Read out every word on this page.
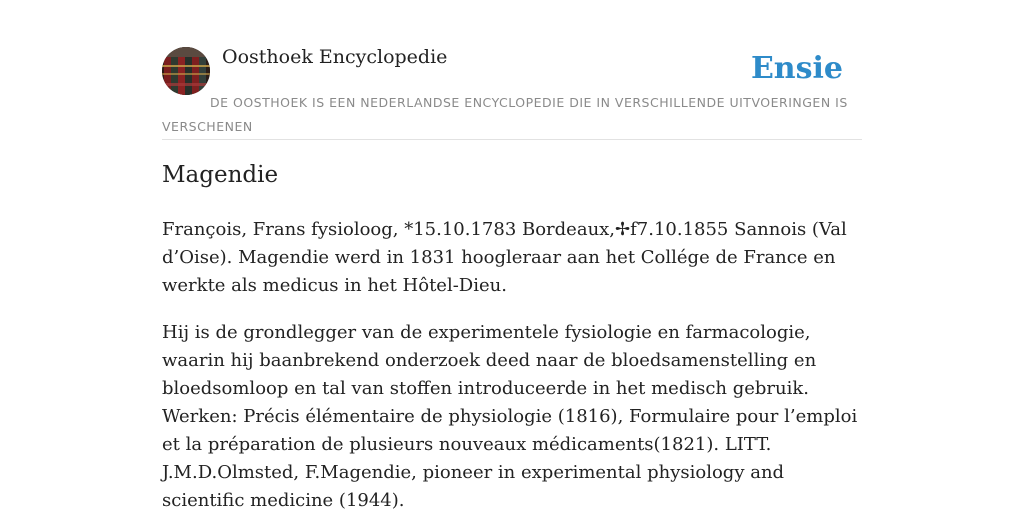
Oosthoek Encyclopedie	Ensie
DE OOSTHOEK IS EEN NEDERLANDSE ENCYCLOPEDIE DIE IN VERSCHILLENDE UITVOERINGEN IS VERSCHENEN
Magendie

François, Frans fysioloog, *15.10.1783 Bordeaux,✢f7.10.1855 Sannois (Val d’Oise). Magendie werd in 1831 hoogleraar aan het Collége de France en werkte als medicus in het Hôtel-Dieu.

Hij is de grondlegger van de experimentele fysiologie en farmacologie, waarin hij baanbrekend onderzoek deed naar de bloedsamenstelling en bloedsomloop en tal van stoffen introduceerde in het medisch gebruik. Werken: Précis élémentaire de physiologie (1816), Formulaire pour l’emploi et la préparation de plusieurs nouveaux médicaments(1821). LITT. J.M.D.Olmsted, F.Magendie, pioneer in experimental physiology and scientific medicine (1944).
